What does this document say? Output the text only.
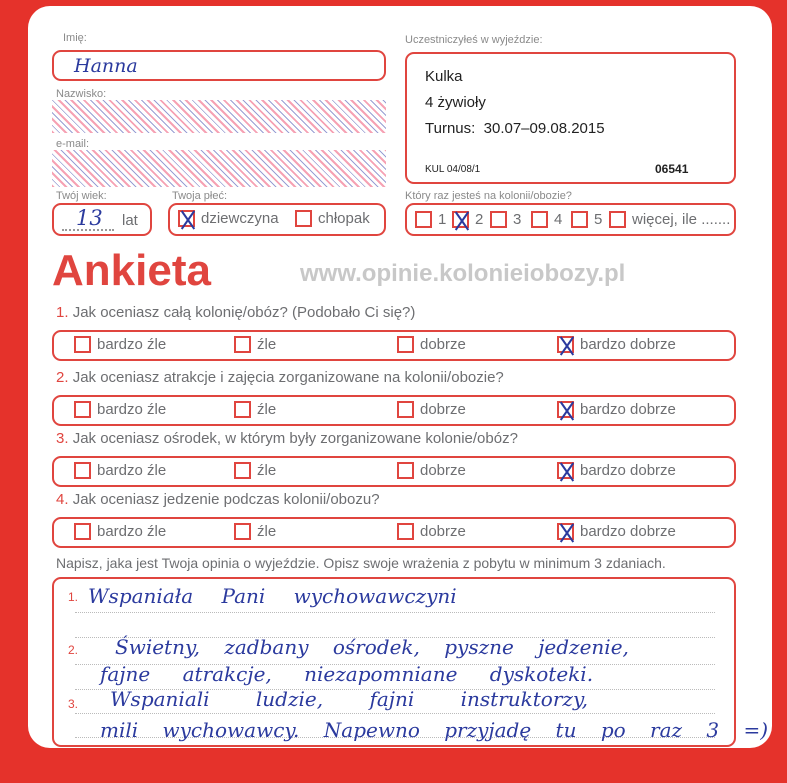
Imię:
Hanna
Nazwisko:
e-mail:
Twój wiek:
13 lat
Twoja płeć:
dziewczyna	chłopak
Uczestniczyłeś w wyjeździe:
Kulka
4 żywioły
Turnus:  30.07–09.08.2015
KUL 04/08/1	06541
Który raz jesteś na kolonii/obozie?
1 2 3 4 5 więcej, ile .......
Ankieta	www.opinie.kolonieiobozy.pl
1. Jak oceniasz całą kolonię/obóz? (Podobało Ci się?)
bardzo źle	źle	dobrze	bardzo dobrze
2. Jak oceniasz atrakcje i zajęcia zorganizowane na kolonii/obozie?
bardzo źle	źle	dobrze	bardzo dobrze
3. Jak oceniasz ośrodek, w którym były zorganizowane kolonie/obóz?
bardzo źle	źle	dobrze	bardzo dobrze
4. Jak oceniasz jedzenie podczas kolonii/obozu?
bardzo źle	źle	dobrze	bardzo dobrze
Napisz, jaka jest Twoja opinia o wyjeździe. Opisz swoje wrażenia z pobytu w minimum 3 zdaniach.
1. Wspaniała Pani wychowawczyni
2. Świetny, zadbany ośrodek, pyszne jedzenie,
fajne atrakcje, niezapomniane dyskoteki.
3. Wspaniali ludzie, fajni instruktorzy,
mili wychowawcy. Napewno przyjadę tu po raz 3 =)
